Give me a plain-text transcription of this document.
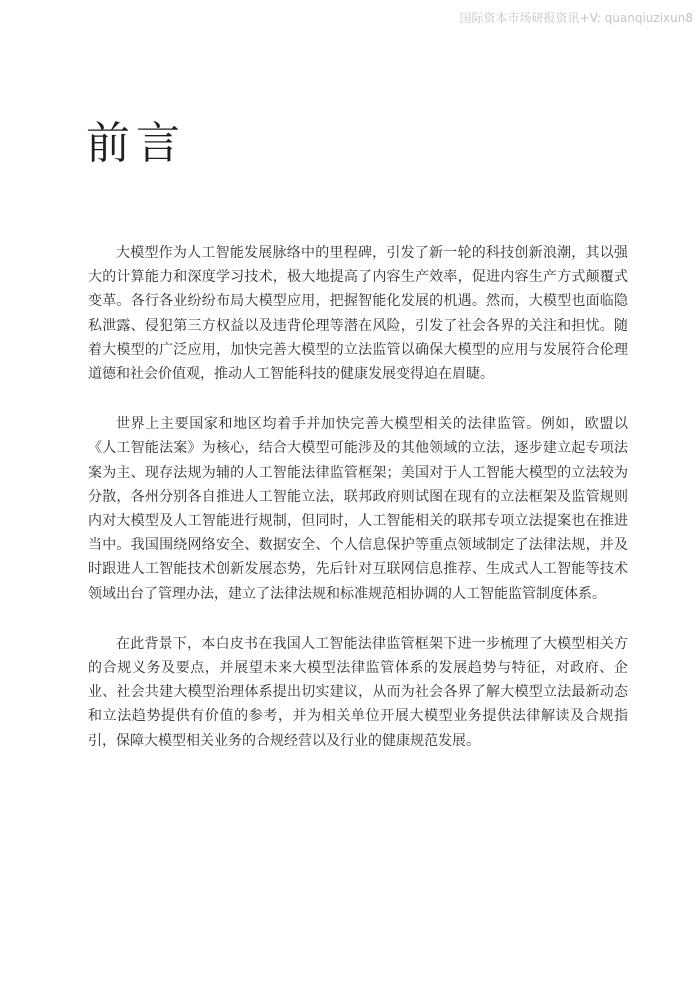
国际资本市场研报资讯+V: quanqiuzixun8
前言

大模型作为人工智能发展脉络中的里程碑，引发了新一轮的科技创新浪潮，其以强大的计算能力和深度学习技术，极大地提高了内容生产效率，促进内容生产方式颠覆式变革。各行各业纷纷布局大模型应用，把握智能化发展的机遇。然而，大模型也面临隐私泄露、侵犯第三方权益以及违背伦理等潜在风险，引发了社会各界的关注和担忧。随着大模型的广泛应用，加快完善大模型的立法监管以确保大模型的应用与发展符合伦理道德和社会价值观，推动人工智能科技的健康发展变得迫在眉睫。

世界上主要国家和地区均着手并加快完善大模型相关的法律监管。例如，欧盟以《人工智能法案》为核心，结合大模型可能涉及的其他领域的立法，逐步建立起专项法案为主、现存法规为辅的人工智能法律监管框架；美国对于人工智能大模型的立法较为分散，各州分别各自推进人工智能立法，联邦政府则试图在现有的立法框架及监管规则内对大模型及人工智能进行规制，但同时，人工智能相关的联邦专项立法提案也在推进当中。我国围绕网络安全、数据安全、个人信息保护等重点领域制定了法律法规，并及时跟进人工智能技术创新发展态势，先后针对互联网信息推荐、生成式人工智能等技术领域出台了管理办法，建立了法律法规和标准规范相协调的人工智能监管制度体系。

在此背景下，本白皮书在我国人工智能法律监管框架下进一步梳理了大模型相关方的合规义务及要点，并展望未来大模型法律监管体系的发展趋势与特征，对政府、企业、社会共建大模型治理体系提出切实建议，从而为社会各界了解大模型立法最新动态和立法趋势提供有价值的参考，并为相关单位开展大模型业务提供法律解读及合规指引，保障大模型相关业务的合规经营以及行业的健康规范发展。
